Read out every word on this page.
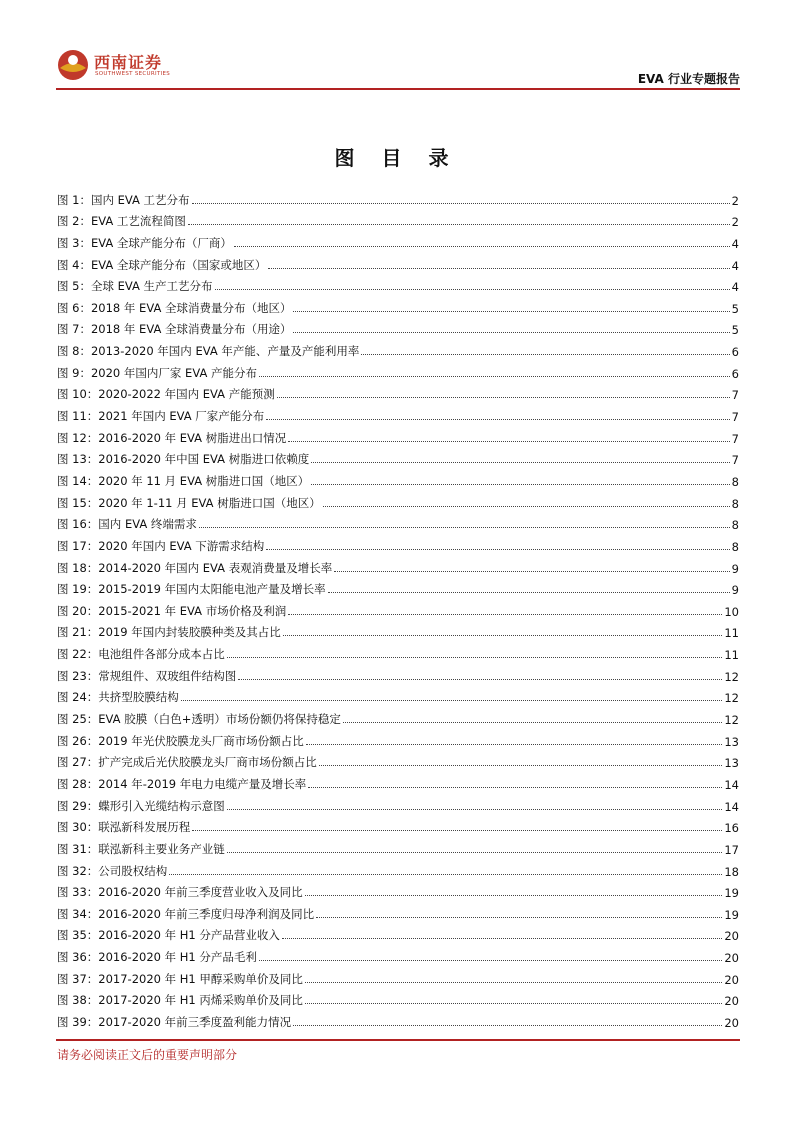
西南证券
SOUTHWEST SECURITIES	EVA 行业专题报告
图 目 录
图 1：国内 EVA 工艺分布	2
图 2：EVA 工艺流程简图	2
图 3：EVA 全球产能分布（厂商）	4
图 4：EVA 全球产能分布（国家或地区）	4
图 5：全球 EVA 生产工艺分布	4
图 6：2018 年 EVA 全球消费量分布（地区）	5
图 7：2018 年 EVA 全球消费量分布（用途）	5
图 8：2013-2020 年国内 EVA 年产能、产量及产能利用率	6
图 9：2020 年国内厂家 EVA 产能分布	6
图 10：2020-2022 年国内 EVA 产能预测	7
图 11：2021 年国内 EVA 厂家产能分布	7
图 12：2016-2020 年 EVA 树脂进出口情况	7
图 13：2016-2020 年中国 EVA 树脂进口依赖度	7
图 14：2020 年 11 月 EVA 树脂进口国（地区）	8
图 15：2020 年 1-11 月 EVA 树脂进口国（地区）	8
图 16：国内 EVA 终端需求	8
图 17：2020 年国内 EVA 下游需求结构	8
图 18：2014-2020 年国内 EVA 表观消费量及增长率	9
图 19：2015-2019 年国内太阳能电池产量及增长率	9
图 20：2015-2021 年 EVA 市场价格及利润	10
图 21：2019 年国内封装胶膜种类及其占比	11
图 22：电池组件各部分成本占比	11
图 23：常规组件、双玻组件结构图	12
图 24：共挤型胶膜结构	12
图 25：EVA 胶膜（白色+透明）市场份额仍将保持稳定	12
图 26：2019 年光伏胶膜龙头厂商市场份额占比	13
图 27：扩产完成后光伏胶膜龙头厂商市场份额占比	13
图 28：2014 年-2019 年电力电缆产量及增长率	14
图 29：蝶形引入光缆结构示意图	14
图 30：联泓新科发展历程	16
图 31：联泓新科主要业务产业链	17
图 32：公司股权结构	18
图 33：2016-2020 年前三季度营业收入及同比	19
图 34：2016-2020 年前三季度归母净利润及同比	19
图 35：2016-2020 年 H1 分产品营业收入	20
图 36：2016-2020 年 H1 分产品毛利	20
图 37：2017-2020 年 H1 甲醇采购单价及同比	20
图 38：2017-2020 年 H1 丙烯采购单价及同比	20
图 39：2017-2020 年前三季度盈利能力情况	20
请务必阅读正文后的重要声明部分
